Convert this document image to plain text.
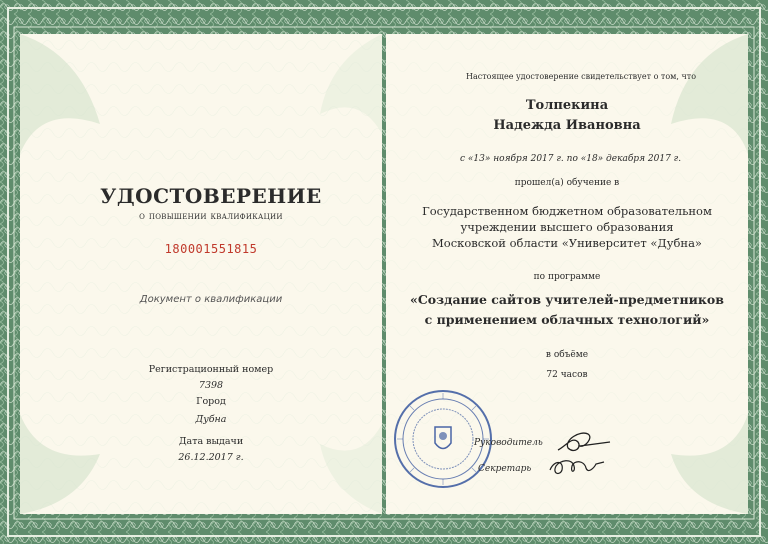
УДОСТОВЕРЕНИЕ
о повышении квалификации
180001551815
Документ о квалификации
Регистрационный номер
7398
Город
Дубна
Дата выдачи
26.12.2017 г.
Настоящее удостоверение свидетельствует о том, что
Толпекина
Надежда Ивановна
с «13» ноября 2017 г. по «18» декабря 2017 г.
прошел(а) обучение в
Государственном бюджетном образовательном
учреждении высшего образования
Московской области «Университет «Дубна»
по программе
«Создание сайтов учителей-предметников
с применением облачных технологий»
в объёме
72 часов
Руководитель
Секретарь
